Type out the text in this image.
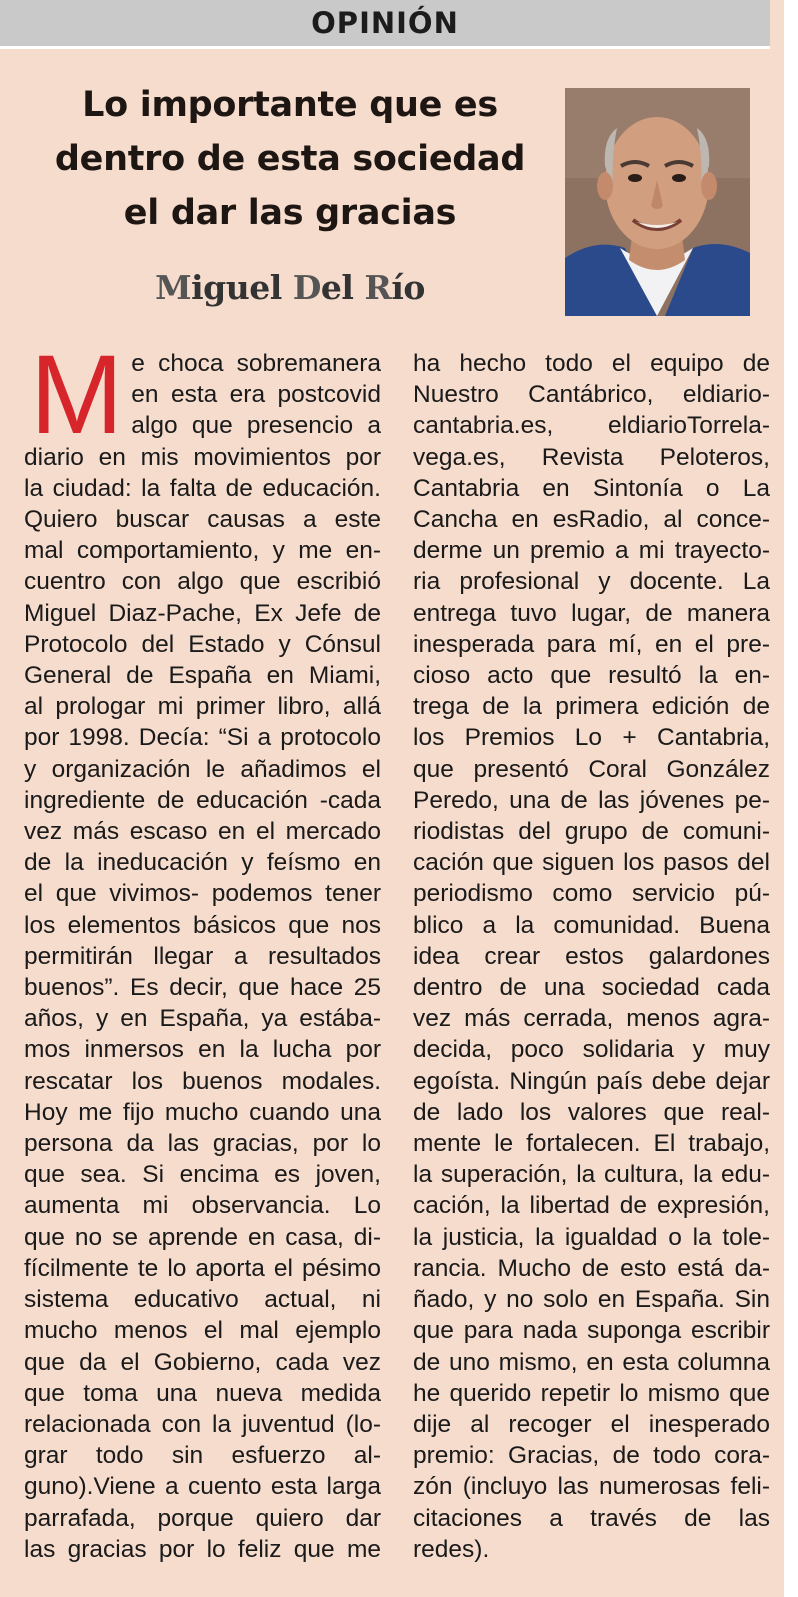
OPINIÓN
Lo importante que es
dentro de esta sociedad
el dar las gracias
Miguel Del Río
M e choca sobremanera
en esta era postcovid
algo que presencio a
diario en mis movimientos por
la ciudad: la falta de educación.
Quiero buscar causas a este
mal comportamiento, y me en-
cuentro con algo que escribió
Miguel Diaz-Pache, Ex Jefe de
Protocolo del Estado y Cónsul
General de España en Miami,
al prologar mi primer libro, allá
por 1998. Decía: “Si a protocolo
y organización le añadimos el
ingrediente de educación -cada
vez más escaso en el mercado
de la ineducación y feísmo en
el que vivimos- podemos tener
los elementos básicos que nos
permitirán llegar a resultados
buenos”. Es decir, que hace 25
años, y en España, ya estába-
mos inmersos en la lucha por
rescatar los buenos modales.
Hoy me fijo mucho cuando una
persona da las gracias, por lo
que sea. Si encima es joven,
aumenta mi observancia. Lo
que no se aprende en casa, di-
fícilmente te lo aporta el pésimo
sistema educativo actual, ni
mucho menos el mal ejemplo
que da el Gobierno, cada vez
que toma una nueva medida
relacionada con la juventud (lo-
grar todo sin esfuerzo al-
guno).Viene a cuento esta larga
parrafada, porque quiero dar
las gracias por lo feliz que me
ha hecho todo el equipo de
Nuestro Cantábrico, eldiario-
cantabria.es, eldiarioTorrela-
vega.es, Revista Peloteros,
Cantabria en Sintonía o La
Cancha en esRadio, al conce-
derme un premio a mi trayecto-
ria profesional y docente. La
entrega tuvo lugar, de manera
inesperada para mí, en el pre-
cioso acto que resultó la en-
trega de la primera edición de
los Premios Lo + Cantabria,
que presentó Coral González
Peredo, una de las jóvenes pe-
riodistas del grupo de comuni-
cación que siguen los pasos del
periodismo como servicio pú-
blico a la comunidad. Buena
idea crear estos galardones
dentro de una sociedad cada
vez más cerrada, menos agra-
decida, poco solidaria y muy
egoísta. Ningún país debe dejar
de lado los valores que real-
mente le fortalecen. El trabajo,
la superación, la cultura, la edu-
cación, la libertad de expresión,
la justicia, la igualdad o la tole-
rancia. Mucho de esto está da-
ñado, y no solo en España. Sin
que para nada suponga escribir
de uno mismo, en esta columna
he querido repetir lo mismo que
dije al recoger el inesperado
premio: Gracias, de todo cora-
zón (incluyo las numerosas feli-
citaciones a través de las
redes).
